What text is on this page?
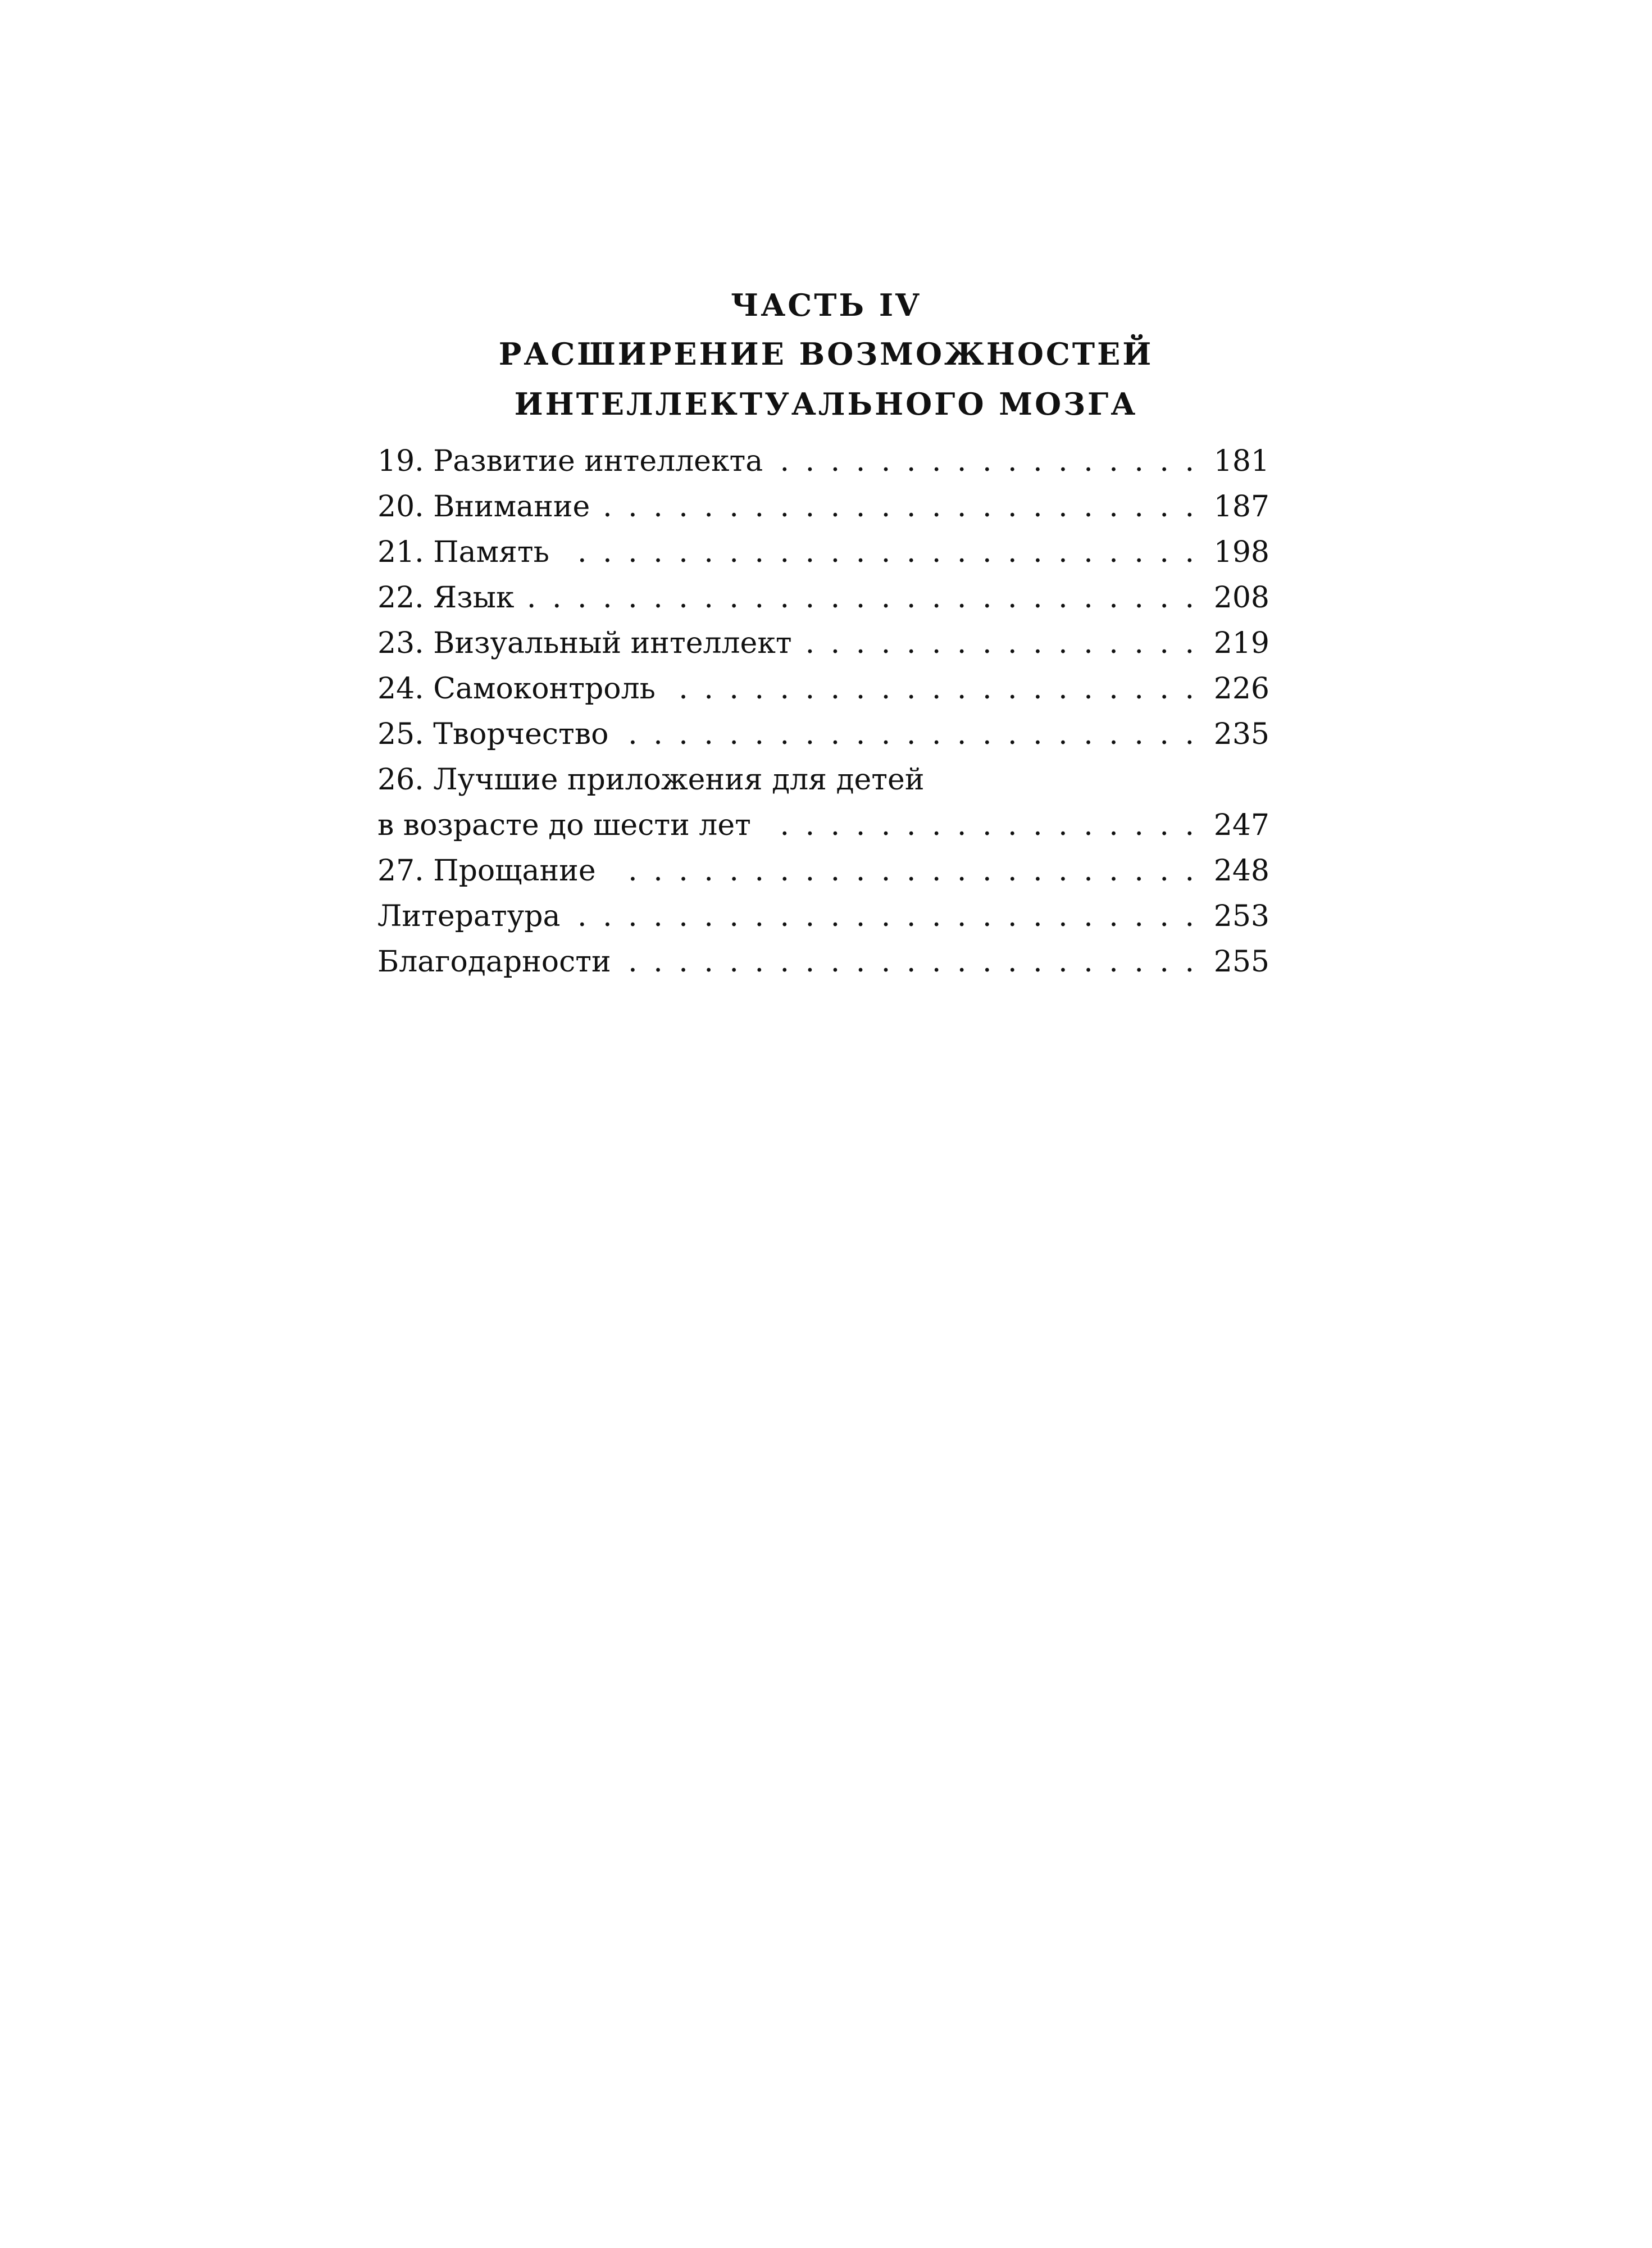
ЧАСТЬ IV
РАСШИРЕНИЕ ВОЗМОЖНОСТЕЙ
ИНТЕЛЛЕКТУАЛЬНОГО МОЗГА
19. Развитие интеллекта . . .	181
20. Внимание . . .	187
21. Память . . .	198
22. Язык . . .	208
23. Визуальный интеллект . . .	219
24. Самоконтроль . . .	226
25. Творчество . . .	235
26. Лучшие приложения для детей
в возрасте до шести лет . . .	247
27. Прощание . . .	248
Литература . . .	253
Благодарности . . .	255
